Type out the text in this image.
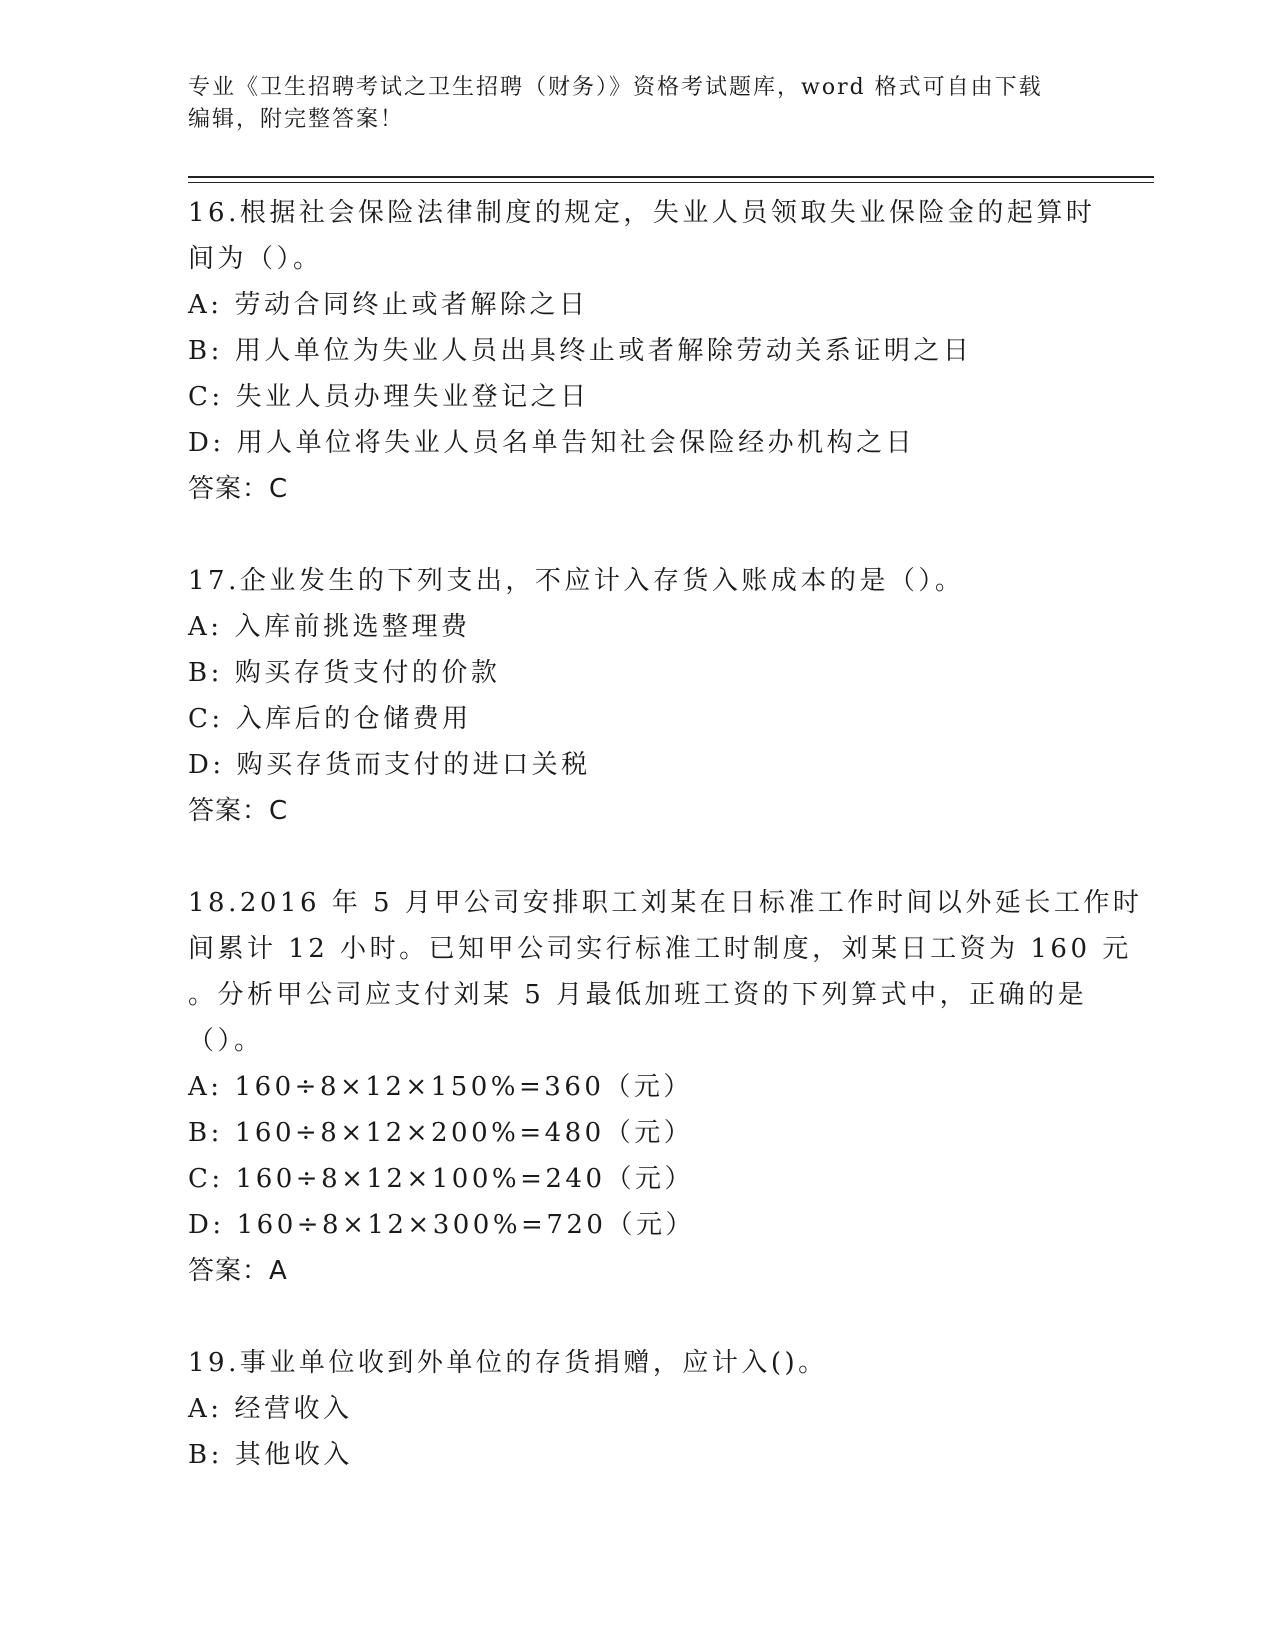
专业《卫生招聘考试之卫生招聘（财务）》资格考试题库，word 格式可自由下载
编辑，附完整答案！
16.根据社会保险法律制度的规定，失业人员领取失业保险金的起算时
间为（）。
A: 劳动合同终止或者解除之日
B: 用人单位为失业人员出具终止或者解除劳动关系证明之日
C: 失业人员办理失业登记之日
D: 用人单位将失业人员名单告知社会保险经办机构之日
答案：C
17.企业发生的下列支出，不应计入存货入账成本的是（）。
A: 入库前挑选整理费
B: 购买存货支付的价款
C: 入库后的仓储费用
D: 购买存货而支付的进口关税
答案：C
18.2016 年 5 月甲公司安排职工刘某在日标准工作时间以外延长工作时
间累计 12 小时。已知甲公司实行标准工时制度，刘某日工资为 160 元
。分析甲公司应支付刘某 5 月最低加班工资的下列算式中，正确的是
（）。
A: 160÷8×12×150%=360（元）
B: 160÷8×12×200%=480（元）
C: 160÷8×12×100%=240（元）
D: 160÷8×12×300%=720（元）
答案：A
19.事业单位收到外单位的存货捐赠，应计入()。
A: 经营收入
B: 其他收入
